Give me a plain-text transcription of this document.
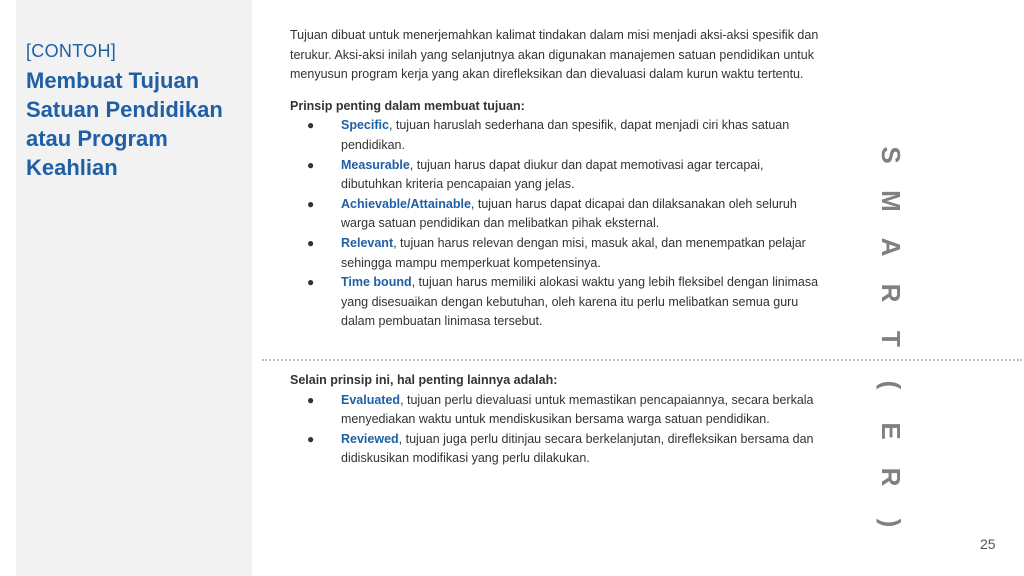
[CONTOH]
Membuat Tujuan Satuan Pendidikan atau Program Keahlian

Tujuan dibuat untuk menerjemahkan kalimat tindakan dalam misi menjadi aksi-aksi spesifik dan terukur. Aksi-aksi inilah yang selanjutnya akan digunakan manajemen satuan pendidikan untuk menyusun program kerja yang akan direfleksikan dan dievaluasi dalam kurun waktu tertentu.

Prinsip penting dalam membuat tujuan:

● Specific, tujuan haruslah sederhana dan spesifik, dapat menjadi ciri khas satuan pendidikan.
● Measurable, tujuan harus dapat diukur dan dapat memotivasi agar tercapai, dibutuhkan kriteria pencapaian yang jelas.
● Achievable/Attainable, tujuan harus dapat dicapai dan dilaksanakan oleh seluruh warga satuan pendidikan dan melibatkan pihak eksternal.
● Relevant, tujuan harus relevan dengan misi, masuk akal, dan menempatkan pelajar sehingga mampu memperkuat kompetensinya.
● Time bound, tujuan harus memiliki alokasi waktu yang lebih fleksibel dengan linimasa yang disesuaikan dengan kebutuhan, oleh karena itu perlu melibatkan semua guru dalam pembuatan linimasa tersebut.

Selain prinsip ini, hal penting lainnya adalah:

● Evaluated, tujuan perlu dievaluasi untuk memastikan pencapaiannya, secara berkala menyediakan waktu untuk mendiskusikan bersama warga satuan pendidikan.
● Reviewed, tujuan juga perlu ditinjau secara berkelanjutan, direfleksikan bersama dan didiskusikan modifikasi yang perlu dilakukan.
S
M
A
R
T
(
E
R
)
25
